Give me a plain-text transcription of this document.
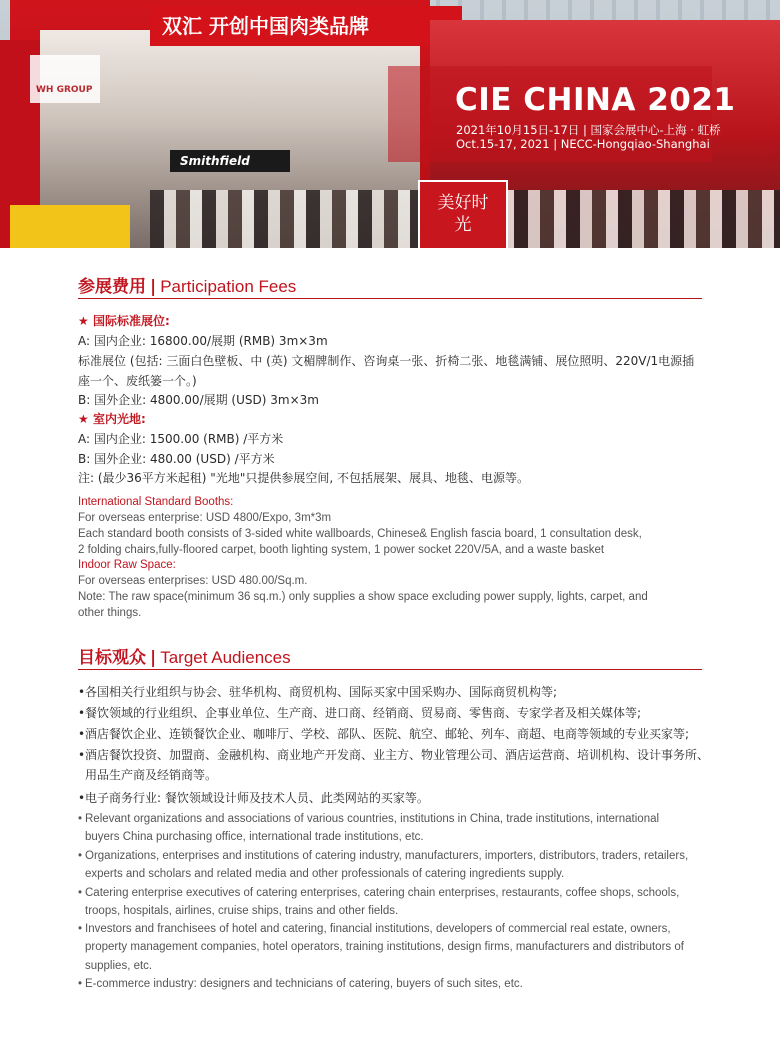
WH GROUP
双汇 开创中国肉类品牌
Smithfield
美好时光
CIE CHINA 2021
2021年10月15日-17日 | 国家会展中心-上海 · 虹桥
Oct.15-17, 2021 | NECC-Hongqiao-Shanghai
参展费用 | Participation Fees
★ 国际标准展位:
A: 国内企业: 16800.00/展期 (RMB) 3m×3m
标准展位 (包括: 三面白色壁板、中 (英) 文楣牌制作、咨询桌一张、折椅二张、地毯满铺、展位照明、220V/1电源插
座一个、废纸篓一个。)
B: 国外企业: 4800.00/展期 (USD) 3m×3m
★ 室内光地:
A: 国内企业: 1500.00 (RMB) /平方米
B: 国外企业: 480.00 (USD) /平方米
注: (最少36平方米起租) "光地"只提供参展空间, 不包括展架、展具、地毯、电源等。
International Standard Booths:
For overseas enterprise: USD 4800/Expo, 3m*3m
Each standard booth consists of 3-sided white wallboards, Chinese& English fascia board, 1 consultation desk,
2 folding chairs,fully-floored carpet, booth lighting system, 1 power socket 220V/5A, and a waste basket
Indoor Raw Space:
For overseas enterprises: USD 480.00/Sq.m.
Note: The raw space(minimum 36 sq.m.) only supplies a show space excluding power supply, lights, carpet, and
other things.
目标观众 | Target Audiences
•各国相关行业组织与协会、驻华机构、商贸机构、国际买家中国采购办、国际商贸机构等;
•餐饮领域的行业组织、企事业单位、生产商、进口商、经销商、贸易商、零售商、专家学者及相关媒体等;
•酒店餐饮企业、连锁餐饮企业、咖啡厅、学校、部队、医院、航空、邮轮、列车、商超、电商等领域的专业买家等;
•酒店餐饮投资、加盟商、金融机构、商业地产开发商、业主方、物业管理公司、酒店运营商、培训机构、设计事务所、
用品生产商及经销商等。
•电子商务行业: 餐饮领域设计师及技术人员、此类网站的买家等。
• Relevant organizations and associations of various countries, institutions in China, trade institutions, international
buyers China purchasing office, international trade institutions, etc.
• Organizations, enterprises and institutions of catering industry, manufacturers, importers, distributors, traders, retailers,
experts and scholars and related media and other professionals of catering ingredients supply.
• Catering enterprise executives of catering enterprises, catering chain enterprises, restaurants, coffee shops, schools,
troops, hospitals, airlines, cruise ships, trains and other fields.
• Investors and franchisees of hotel and catering, financial institutions, developers of commercial real estate, owners,
property management companies, hotel operators, training institutions, design firms, manufacturers and distributors of
supplies, etc.
• E-commerce industry: designers and technicians of catering, buyers of such sites, etc.
